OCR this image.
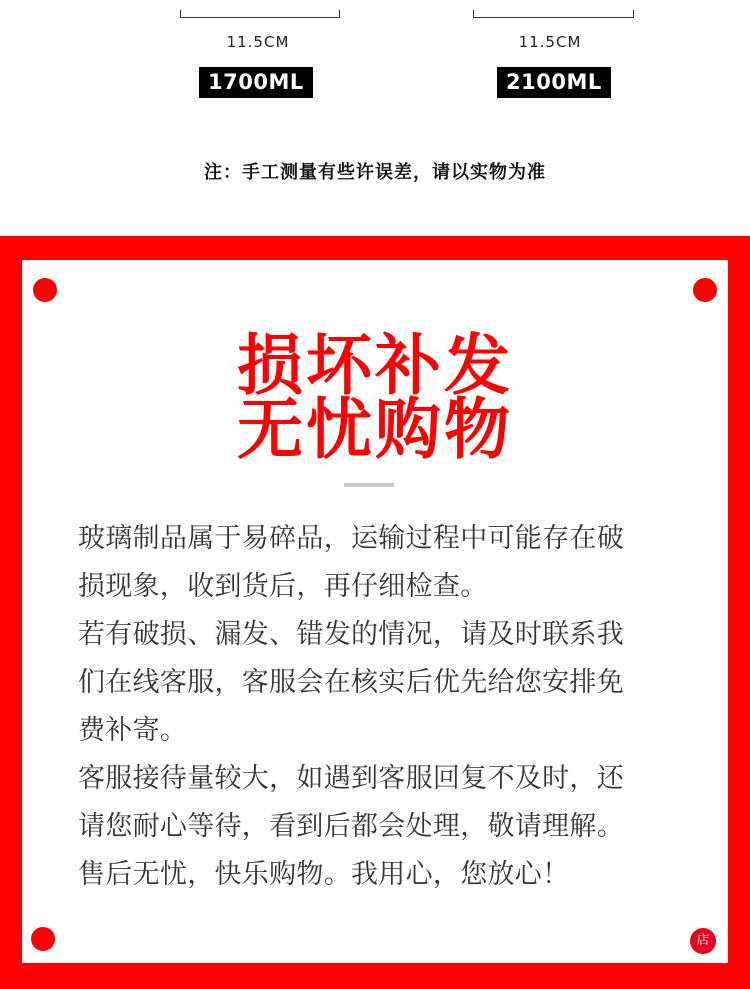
11.5CM	11.5CM
1700ML	2100ML
注：手工测量有些许误差，请以实物为准
店
损坏补发
无忧购物
玻璃制品属于易碎品，运输过程中可能存在破
损现象，收到货后，再仔细检查。
若有破损、漏发、错发的情况，请及时联系我
们在线客服，客服会在核实后优先给您安排免
费补寄。
客服接待量较大，如遇到客服回复不及时，还
请您耐心等待，看到后都会处理，敬请理解。
售后无忧，快乐购物。我用心，您放心！
